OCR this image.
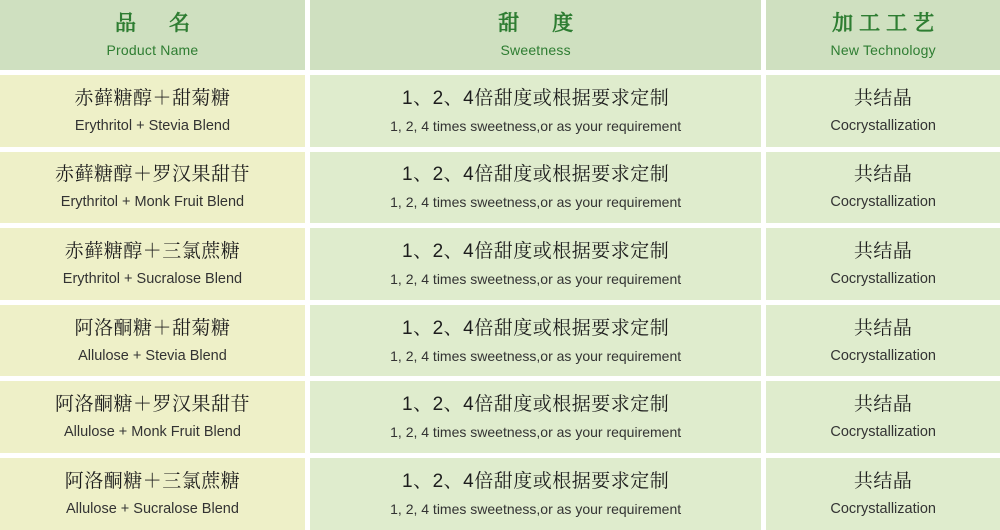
品　名
Product Name
甜　度
Sweetness
加工工艺
New Technology
赤藓糖醇＋甜菊糖
Erythritol + Stevia Blend
1、2、4倍甜度或根据要求定制
1, 2, 4 times sweetness,or as your requirement
共结晶
Cocrystallization
赤藓糖醇＋罗汉果甜苷
Erythritol + Monk Fruit Blend
1、2、4倍甜度或根据要求定制
1, 2, 4 times sweetness,or as your requirement
共结晶
Cocrystallization
赤藓糖醇＋三氯蔗糖
Erythritol + Sucralose Blend
1、2、4倍甜度或根据要求定制
1, 2, 4 times sweetness,or as your requirement
共结晶
Cocrystallization
阿洛酮糖＋甜菊糖
Allulose + Stevia Blend
1、2、4倍甜度或根据要求定制
1, 2, 4 times sweetness,or as your requirement
共结晶
Cocrystallization
阿洛酮糖＋罗汉果甜苷
Allulose + Monk Fruit Blend
1、2、4倍甜度或根据要求定制
1, 2, 4 times sweetness,or as your requirement
共结晶
Cocrystallization
阿洛酮糖＋三氯蔗糖
Allulose + Sucralose Blend
1、2、4倍甜度或根据要求定制
1, 2, 4 times sweetness,or as your requirement
共结晶
Cocrystallization
